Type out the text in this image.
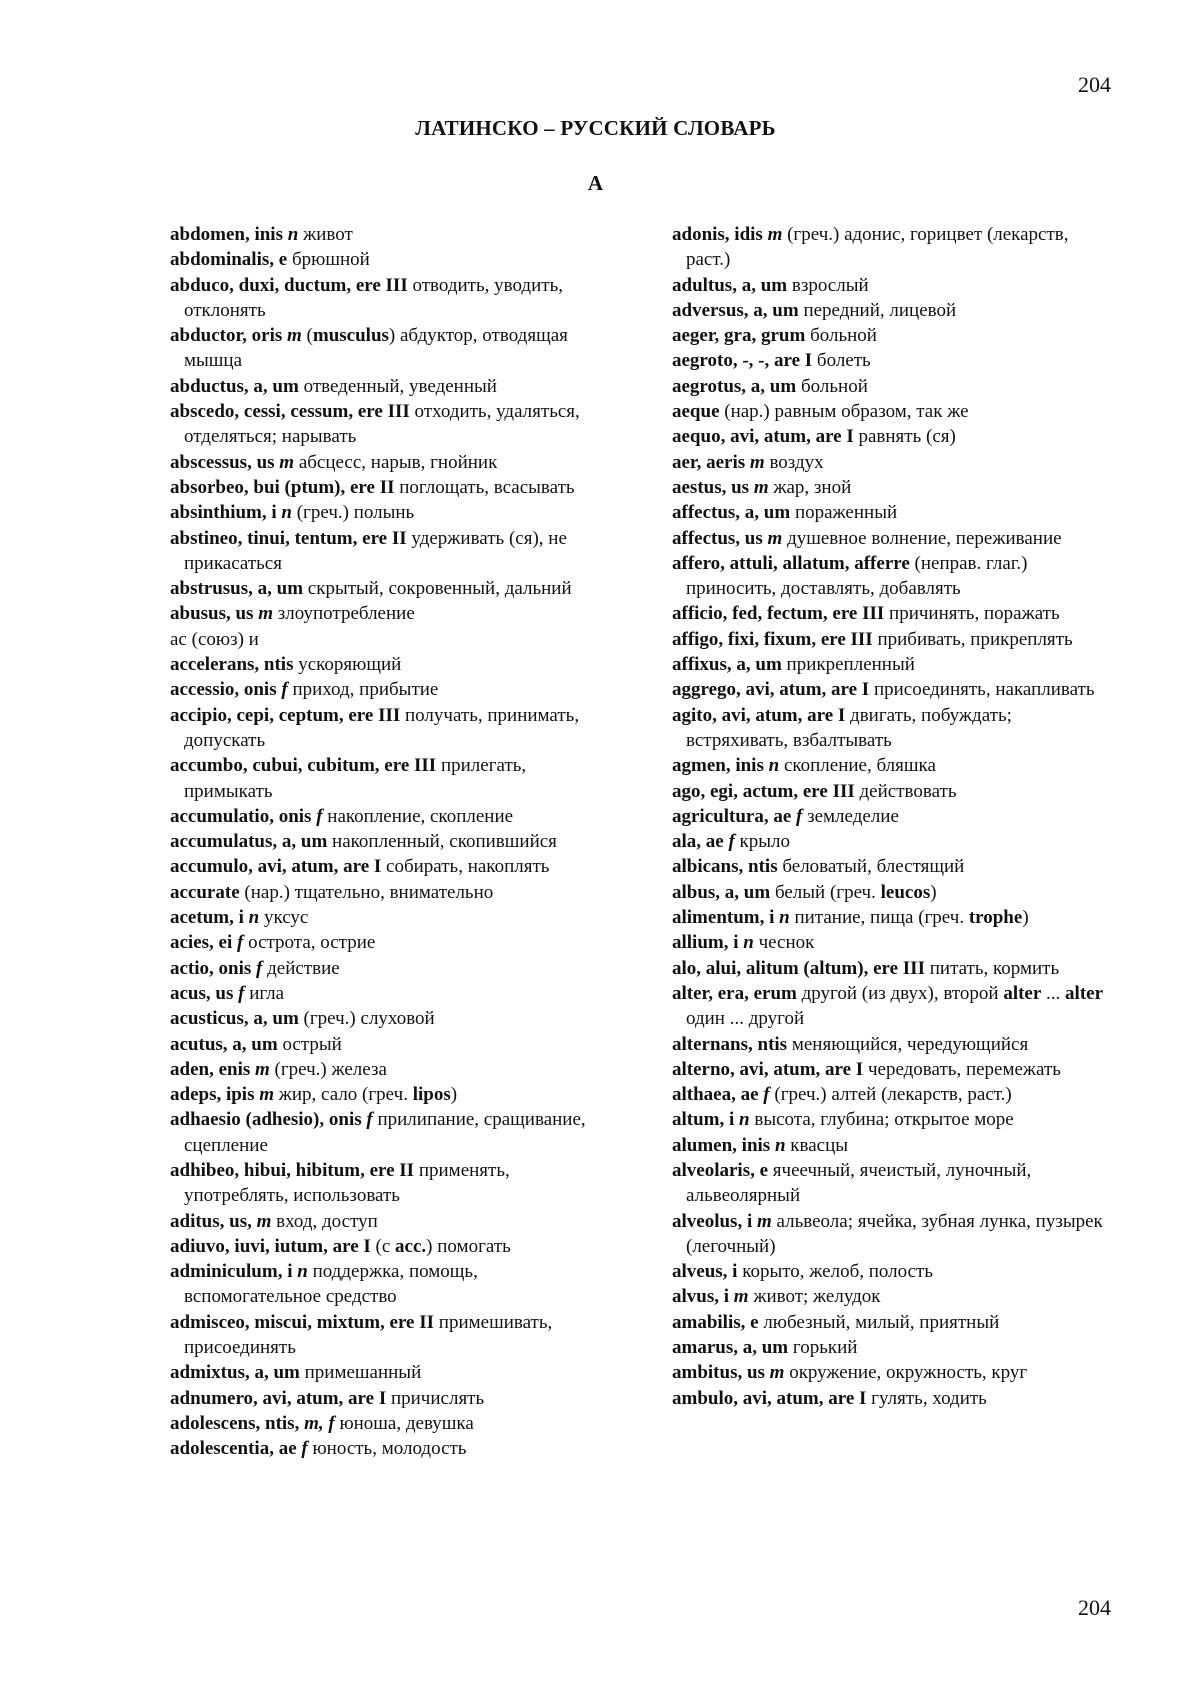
204
ЛАТИНСКО – РУССКИЙ СЛОВАРЬ
A

abdomen, inis n живот

abdominalis, e брюшной

abduco, duxi, ductum, ere III отводить, уводить, отклонять

abductor, oris m (musculus) абдуктор, отводящая мышца

abductus, a, um отведенный, уведенный

abscedo, cessi, cessum, ere III отходить, удаляться, отделяться; нарывать

abscessus, us m абсцесс, нарыв, гнойник

absorbeo, bui (ptum), ere II поглощать, всасывать

absinthium, i n (греч.) полынь

abstineo, tinui, tentum, ere II удерживать (ся), не прикасаться

abstrusus, a, um скрытый, сокровенный, дальний

abusus, us m злоупотребление

ac (союз) и

accelerans, ntis ускоряющий

accessio, onis f приход, прибытие

accipio, cepi, ceptum, ere III получать, принимать, допускать

accumbo, cubui, cubitum, ere III прилегать, примыкать

accumulatio, onis f накопление, скопление

accumulatus, a, um накопленный, скопившийся

accumulo, avi, atum, are I собирать, накоплять

accurate (нар.) тщательно, внимательно

acetum, i n уксус

acies, ei f острота, острие

actio, onis f действие

acus, us f игла

acusticus, a, um (греч.) слуховой

acutus, a, um острый

aden, enis m (греч.) железа

adeps, ipis m жир, сало (греч. lipos)

adhaesio (adhesio), onis f прилипание, сращивание, сцепление

adhibeo, hibui, hibitum, ere II применять, употреблять, использовать

aditus, us, m вход, доступ

adiuvo, iuvi, iutum, are I (с acc.) помогать

adminiculum, i n поддержка, помощь, вспомогательное средство

admisceo, miscui, mixtum, ere II примешивать, присоединять

admixtus, a, um примешанный

adnumero, avi, atum, are I причислять

adolescens, ntis, m, f юноша, девушка

adolescentia, ae f юность, молодость

adonis, idis m (греч.) адонис, горицвет (лекарств, раст.)

adultus, a, um взрослый

adversus, a, um передний, лицевой

aeger, gra, grum больной

aegroto, -, -, are I болеть

aegrotus, a, um больной

aeque (нар.) равным образом, так же

aequo, avi, atum, are I равнять (ся)

aer, aeris m воздух

aestus, us m жар, зной

affectus, a, um пораженный

affectus, us m душевное волнение, переживание

affero, attuli, allatum, afferre (неправ. глаг.) приносить, доставлять, добавлять

afficio, fed, fectum, ere III причинять, поражать

affigo, fixi, fixum, ere III прибивать, прикреплять

affixus, a, um прикрепленный

aggrego, avi, atum, are I присоединять, накапливать

agito, avi, atum, are I двигать, побуждать; встряхивать, взбалтывать

agmen, inis n скопление, бляшка

ago, egi, actum, ere III действовать

agricultura, ae f земледелие

ala, ae f крыло

albicans, ntis беловатый, блестящий

albus, a, um белый (греч. leucos)

alimentum, i n питание, пища (греч. trophe)

allium, i n чеснок

alo, alui, alitum (altum), ere III питать, кормить

alter, era, erum другой (из двух), второй alter ... alter один ... другой

alternans, ntis меняющийся, чередующийся

alterno, avi, atum, are I чередовать, перемежать

althaea, ae f (греч.) алтей (лекарств, раст.)

altum, i n высота, глубина; открытое море

alumen, inis n квасцы

alveolaris, e ячеечный, ячеистый, луночный, альвеолярный

alveolus, i m альвеола; ячейка, зубная лунка, пузырек (легочный)

alveus, i корыто, желоб, полость

alvus, i m живот; желудок

amabilis, e любезный, милый, приятный

amarus, a, um горький

ambitus, us m окружение, окружность, круг

ambulo, avi, atum, are I гулять, ходить

204
